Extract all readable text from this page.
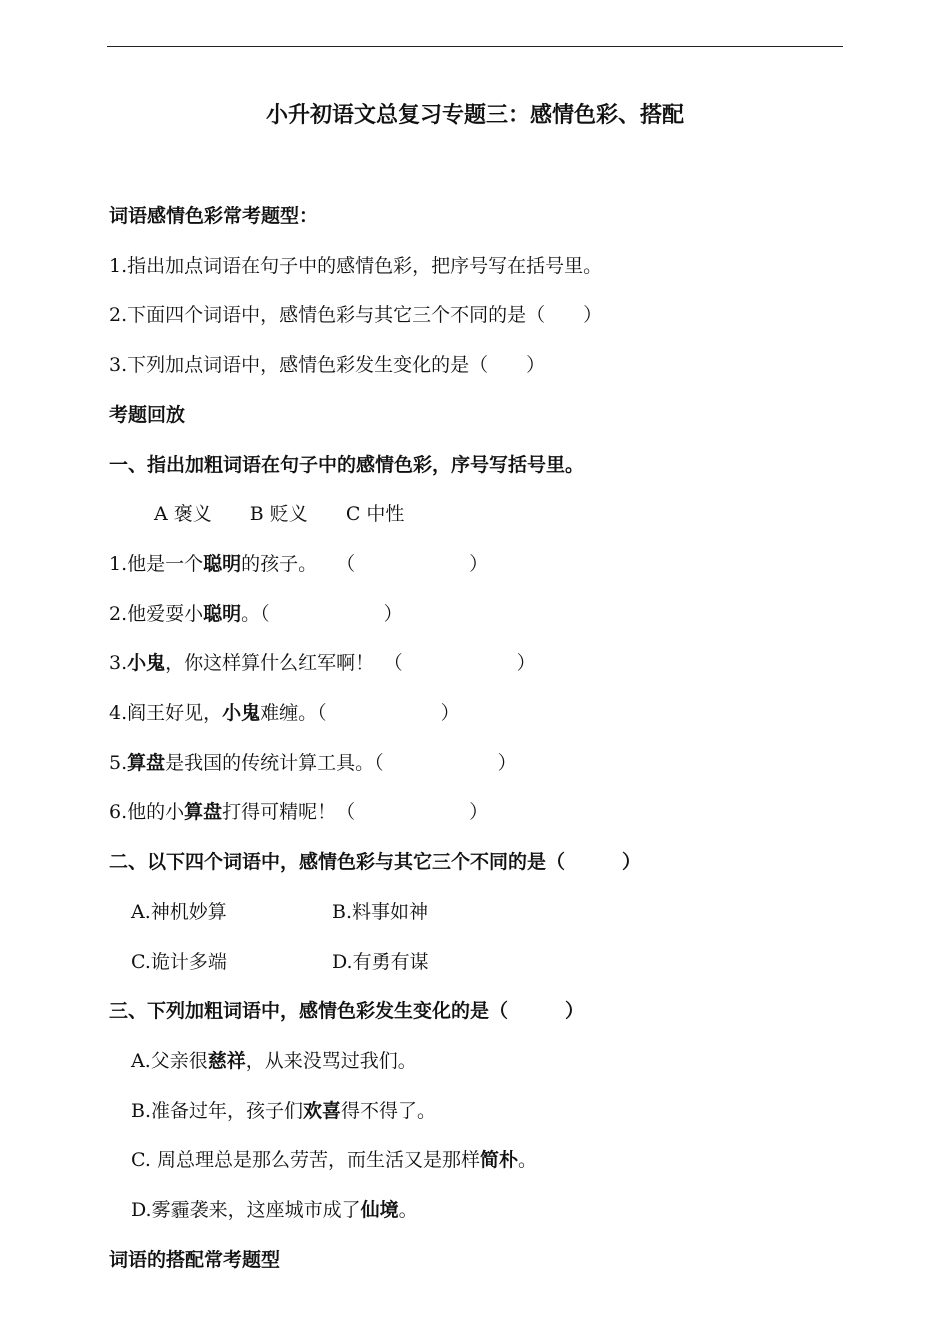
小升初语文总复习专题三：感情色彩、搭配
词语感情色彩常考题型：
1.指出加点词语在句子中的感情色彩，把序号写在括号里。
2.下面四个词语中，感情色彩与其它三个不同的是（　　）
3.下列加点词语中，感情色彩发生变化的是（　　）
考题回放
一、指出加粗词语在句子中的感情色彩，序号写括号里。
A 褒义　　 B 贬义　　 C 中性
1.他是一个聪明的孩子。　　（　　　　　　）
2.他爱耍小聪明。（　　　　　　）
3.小鬼，你这样算什么红军啊！　（　　　　　　）
4.阎王好见，小鬼难缠。（　　　　　　）
5.算盘是我国的传统计算工具。（　　　　　　）
6.他的小算盘打得可精呢！（　　　　　　）
二、以下四个词语中，感情色彩与其它三个不同的是（　　　）
A.神机妙算	B.料事如神
C.诡计多端	D.有勇有谋
三、下列加粗词语中，感情色彩发生变化的是（　　　）
A.父亲很慈祥，从来没骂过我们。
B.准备过年，孩子们欢喜得不得了。
C. 周总理总是那么劳苦，而生活又是那样简朴。
D.雾霾袭来，这座城市成了仙境。
词语的搭配常考题型
